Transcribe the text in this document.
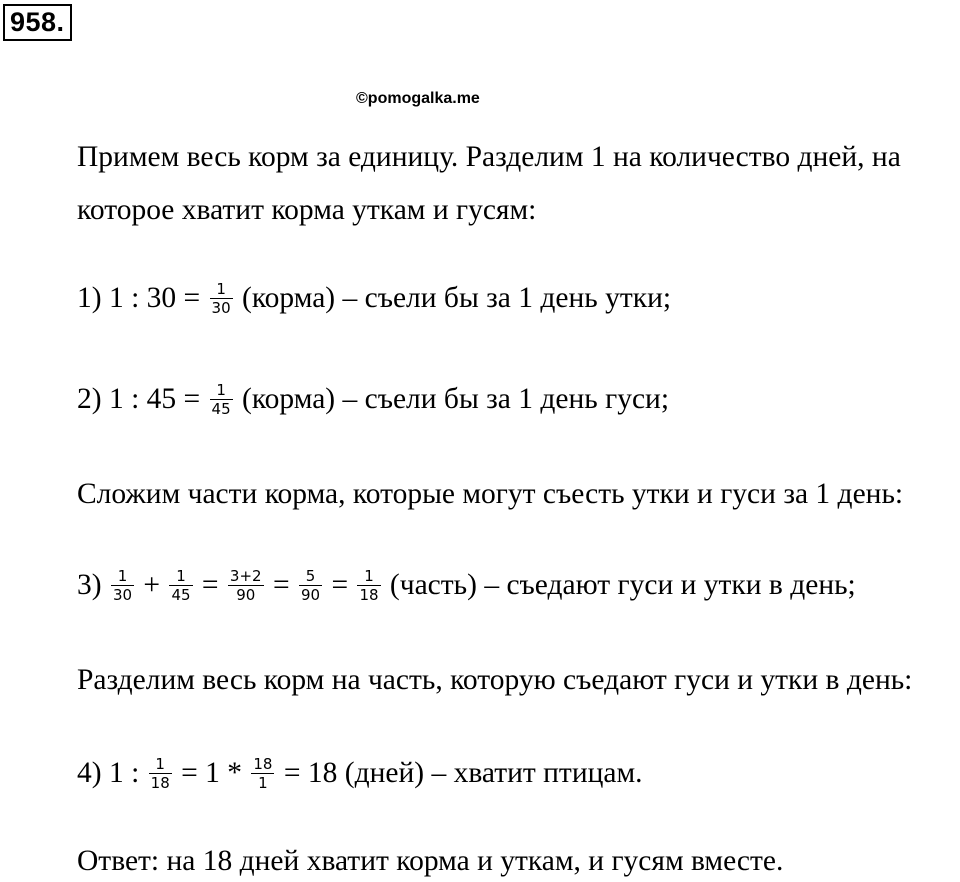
958.
©pomogalka.me
Примем весь корм за единицу. Разделим 1 на количество дней, на
которое хватит корма уткам и гусям:
1) 1 : $30 = \frac{1}{30}$ (корма) – съели бы за 1 день утки;
2) 1 : $45 = \frac{1}{45}$ (корма) – съели бы за 1 день гуси;
Сложим части корма, которые могут съесть утки и гуси за 1 день:
$3) \frac{1}{30} + \frac{1}{45} = \frac{3+2}{90} = \frac{5}{90} = \frac{1}{18}$ (часть) – съедают гуси и утки в день;
Разделим весь корм на часть, которую съедают гуси и утки в день:
4) 1 : $\frac{1}{18} = 1 * \frac{18}{1} = 18$ (дней) – хватит птицам.
Ответ: на 18 дней хватит корма и уткам, и гусям вместе.
